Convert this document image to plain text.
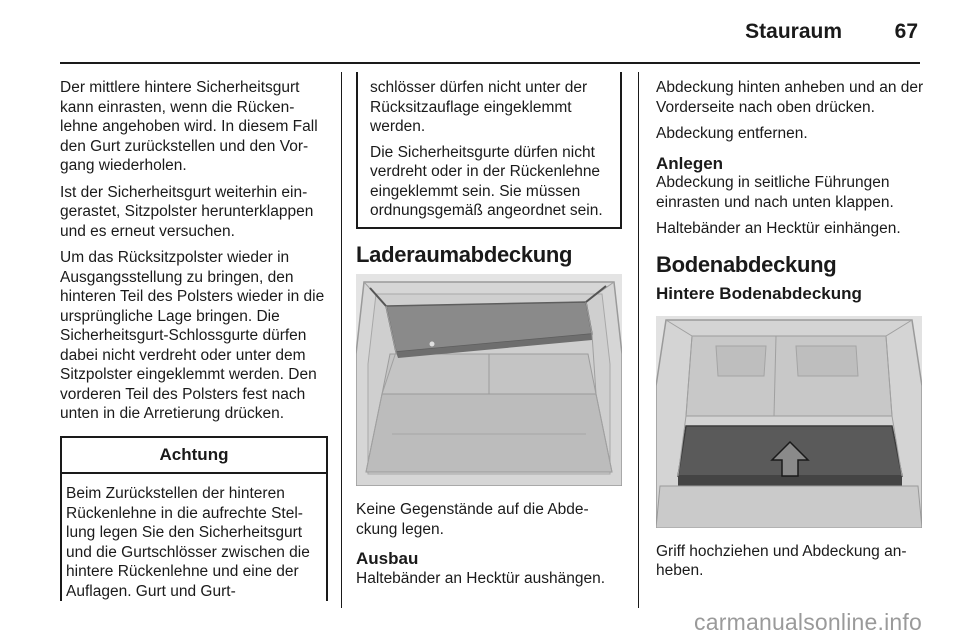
Stauraum	67

Der mittlere hintere Sicherheitsgurt kann einrasten, wenn die Rücken-lehne angehoben wird. In diesem Fall den Gurt zurückstellen und den Vor-gang wiederholen.

Ist der Sicherheitsgurt weiterhin ein-gerastet, Sitzpolster herunterklappen und es erneut versuchen.

Um das Rücksitzpolster wieder in Ausgangsstellung zu bringen, den hinteren Teil des Polsters wieder in die ursprüngliche Lage bringen. Die Sicherheitsgurt-Schlossgurte dürfen dabei nicht verdreht oder unter dem Sitzpolster eingeklemmt werden. Den vorderen Teil des Polsters fest nach unten in die Arretierung drücken.

Achtung
Beim Zurückstellen der hinteren Rückenlehne in die aufrechte Stel-lung legen Sie den Sicherheitsgurt und die Gurtschlösser zwischen die hintere Rückenlehne und eine der Auflagen. Gurt und Gurt-

schlösser dürfen nicht unter der Rücksitzauflage eingeklemmt werden.

Die Sicherheitsgurte dürfen nicht verdreht oder in der Rückenlehne eingeklemmt sein. Sie müssen ordnungsgemäß angeordnet sein.

Laderaumabdeckung

Keine Gegenstände auf die Abde-ckung legen.

Ausbau

Haltebänder an Hecktür aushängen.

Abdeckung hinten anheben und an der Vorderseite nach oben drücken.

Abdeckung entfernen.

Anlegen

Abdeckung in seitliche Führungen einrasten und nach unten klappen.

Haltebänder an Hecktür einhängen.

Bodenabdeckung
Hintere Bodenabdeckung

Griff hochziehen und Abdeckung an-heben.

carmanualsonline.info
